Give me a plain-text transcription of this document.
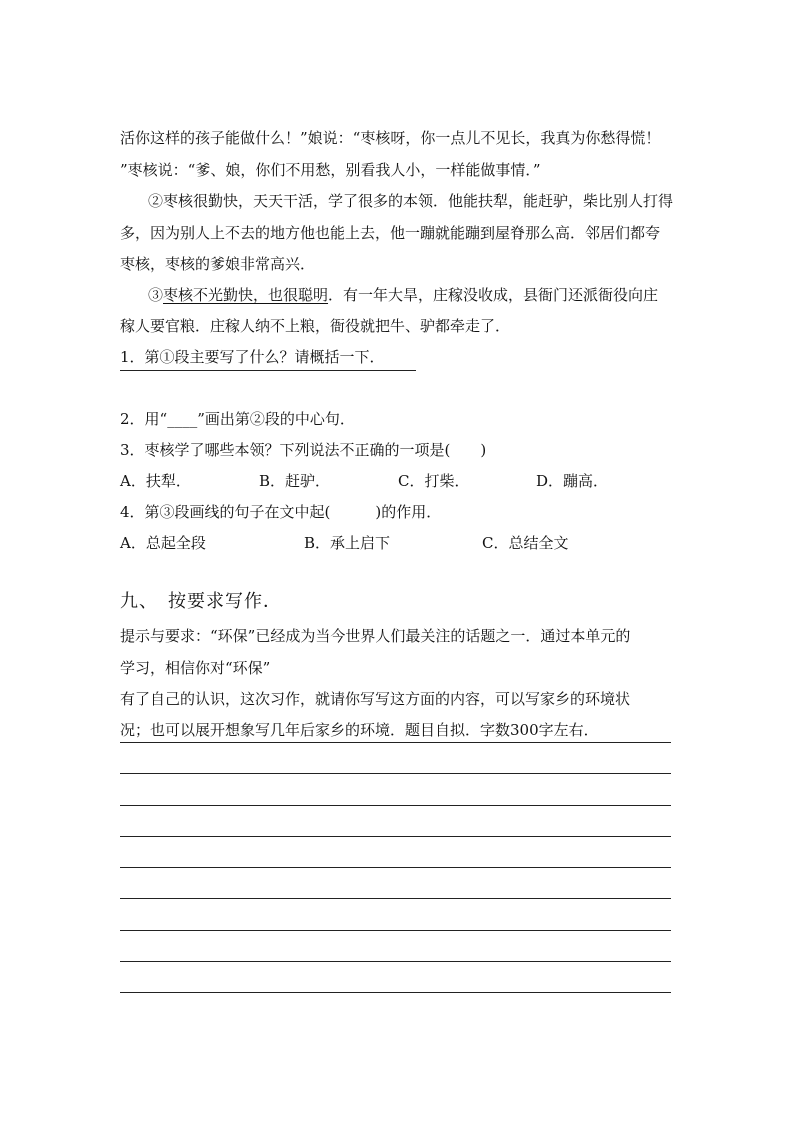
活你这样的孩子能做什么！”娘说：“枣核呀，你一点儿不见长，我真为你愁得慌！
”枣核说：“爹、娘，你们不用愁，别看我人小，一样能做事情．”
②枣核很勤快，天天干活，学了很多的本领．他能扶犁，能赶驴，柴比别人打得
多，因为别人上不去的地方他也能上去，他一蹦就能蹦到屋脊那么高．邻居们都夸
枣核，枣核的爹娘非常高兴．
③枣核不光勤快，也很聪明．有一年大旱，庄稼没收成，县衙门还派衙役向庄
稼人要官粮．庄稼人纳不上粮，衙役就把牛、驴都牵走了．
1．第①段主要写了什么？请概括一下．
2．用“____”画出第②段的中心句．
3．枣核学了哪些本领？下列说法不正确的一项是(　　)
A．扶犁．	B．赶驴．	C．打柴．	D．蹦高．
4．第③段画线的句子在文中起(　　　)的作用．
A．总起全段	B．承上启下	C．总结全文
九、　按要求写作．
提示与要求：“环保”已经成为当今世界人们最关注的话题之一．通过本单元的
学习，相信你对“环保”
有了自己的认识，这次习作，就请你写写这方面的内容，可以写家乡的环境状
况；也可以展开想象写几年后家乡的环境．题目自拟．字数300字左右．
